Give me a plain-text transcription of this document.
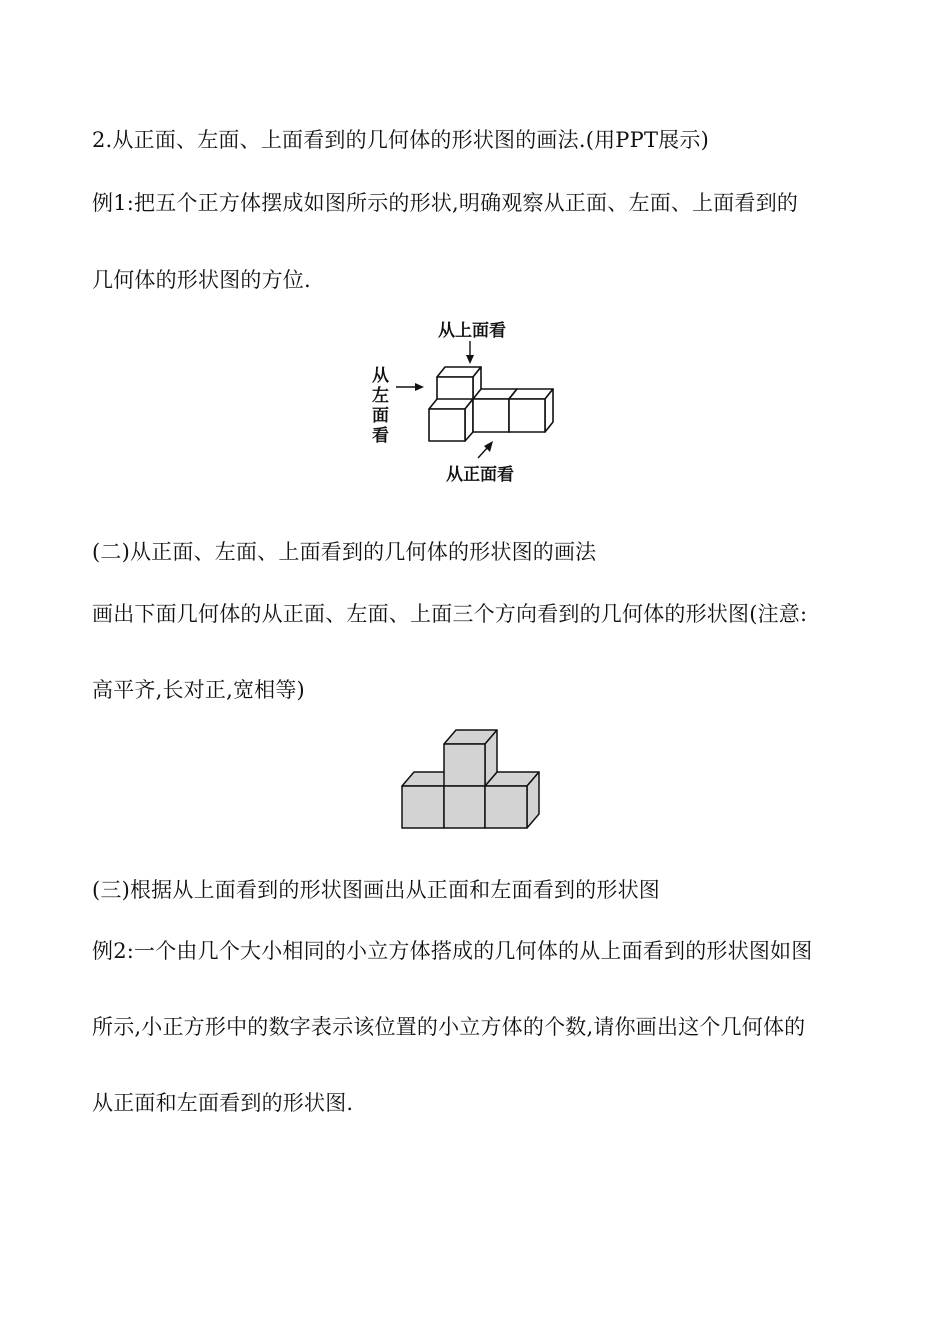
2.从正面、左面、上面看到的几何体的形状图的画法.(用PPT展示)
例1:把五个正方体摆成如图所示的形状,明确观察从正面、左面、上面看到的
几何体的形状图的方位.
从上面看
从
左
面
看
从正面看
(二)从正面、左面、上面看到的几何体的形状图的画法
画出下面几何体的从正面、左面、上面三个方向看到的几何体的形状图(注意:
高平齐,长对正,宽相等)
(三)根据从上面看到的形状图画出从正面和左面看到的形状图
例2:一个由几个大小相同的小立方体搭成的几何体的从上面看到的形状图如图
所示,小正方形中的数字表示该位置的小立方体的个数,请你画出这个几何体的
从正面和左面看到的形状图.
